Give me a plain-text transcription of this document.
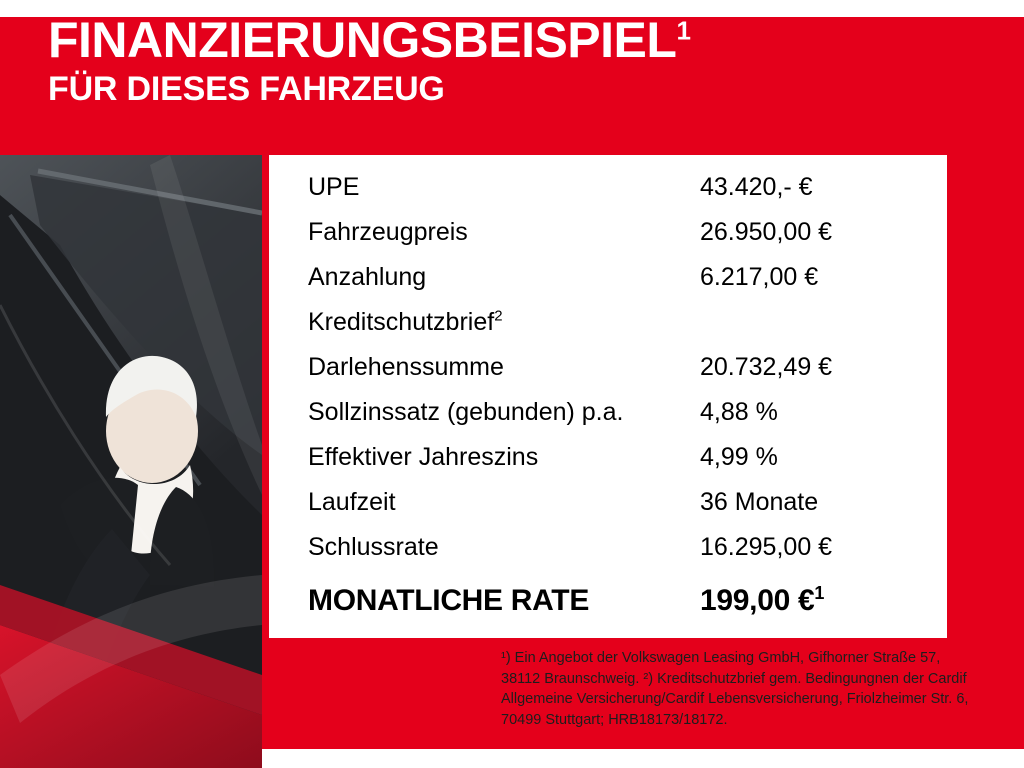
FINANZIERUNGSBEISPIEL$^1$
FÜR DIESES FAHRZEUG
UPE	43.420,- €
Fahrzeugpreis	26.950,00 €
Anzahlung	6.217,00 €
Kreditschutzbrief$^2$
Darlehenssumme	20.732,49 €
Sollzinssatz (gebunden) p.a.	4,88 %
Effektiver Jahreszins	4,99 %
Laufzeit	36 Monate
Schlussrate	16.295,00 €
MONATLICHE RATE	199,00 €$^1$
¹) Ein Angebot der Volkswagen Leasing GmbH, Gifhorner Straße 57, 38112 Braunschweig. ²) Kreditschutzbrief gem. Bedingungnen der Cardif Allgemeine Versicherung/Cardif Lebensversicherung, Friolzheimer Str. 6, 70499 Stuttgart; HRB18173/18172.
